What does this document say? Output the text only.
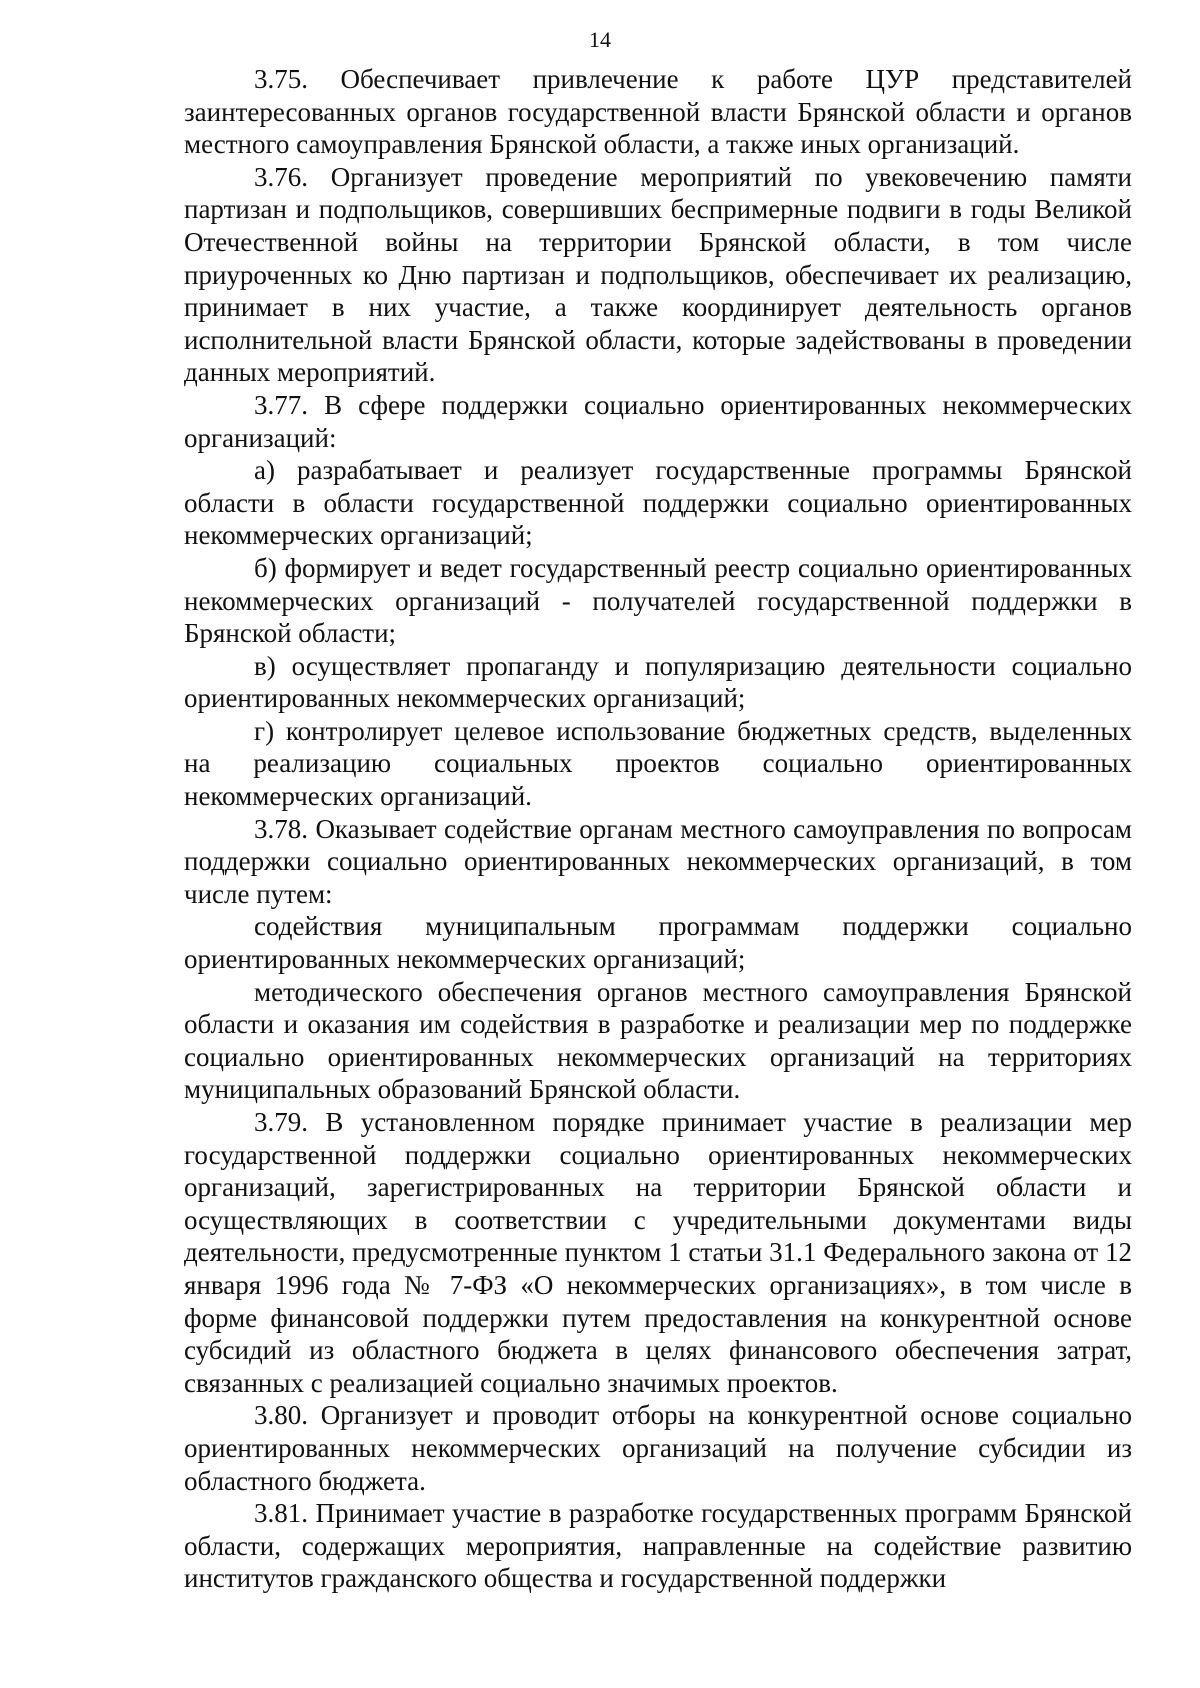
14

3.75. Обеспечивает привлечение к работе ЦУР представителей заинтересованных органов государственной власти Брянской области и органов местного самоуправления Брянской области, а также иных организаций.

3.76. Организует проведение мероприятий по увековечению памяти партизан и подпольщиков, совершивших беспримерные подвиги в годы Великой Отечественной войны на территории Брянской области, в том числе приуроченных ко Дню партизан и подпольщиков, обеспечивает их реализацию, принимает в них участие, а также координирует деятельность органов исполнительной власти Брянской области, которые задействованы в проведении данных мероприятий.

3.77. В сфере поддержки социально ориентированных некоммерческих организаций:

а) разрабатывает и реализует государственные программы Брянской области в области государственной поддержки социально ориентированных некоммерческих организаций;

б) формирует и ведет государственный реестр социально ориентированных некоммерческих организаций - получателей государственной поддержки в Брянской области;

в) осуществляет пропаганду и популяризацию деятельности социально ориентированных некоммерческих организаций;

г) контролирует целевое использование бюджетных средств, выделенных на реализацию социальных проектов социально ориентированных некоммерческих организаций.

3.78. Оказывает содействие органам местного самоуправления по вопросам поддержки социально ориентированных некоммерческих организаций, в том числе путем:

содействия муниципальным программам поддержки социально ориентированных некоммерческих организаций;

методического обеспечения органов местного самоуправления Брянской области и оказания им содействия в разработке и реализации мер по поддержке социально ориентированных некоммерческих организаций на территориях муниципальных образований Брянской области.

3.79. В установленном порядке принимает участие в реализации мер государственной поддержки социально ориентированных некоммерческих организаций, зарегистрированных на территории Брянской области и осуществляющих в соответствии с учредительными документами виды деятельности, предусмотренные пунктом 1 статьи 31.1 Федерального закона от 12 января 1996 года № 7-ФЗ «О некоммерческих организациях», в том числе в форме финансовой поддержки путем предоставления на конкурентной основе субсидий из областного бюджета в целях финансового обеспечения затрат, связанных с реализацией социально значимых проектов.

3.80. Организует и проводит отборы на конкурентной основе социально ориентированных некоммерческих организаций на получение субсидии из областного бюджета.

3.81. Принимает участие в разработке государственных программ Брянской области, содержащих мероприятия, направленные на содействие развитию институтов гражданского общества и государственной поддержки
